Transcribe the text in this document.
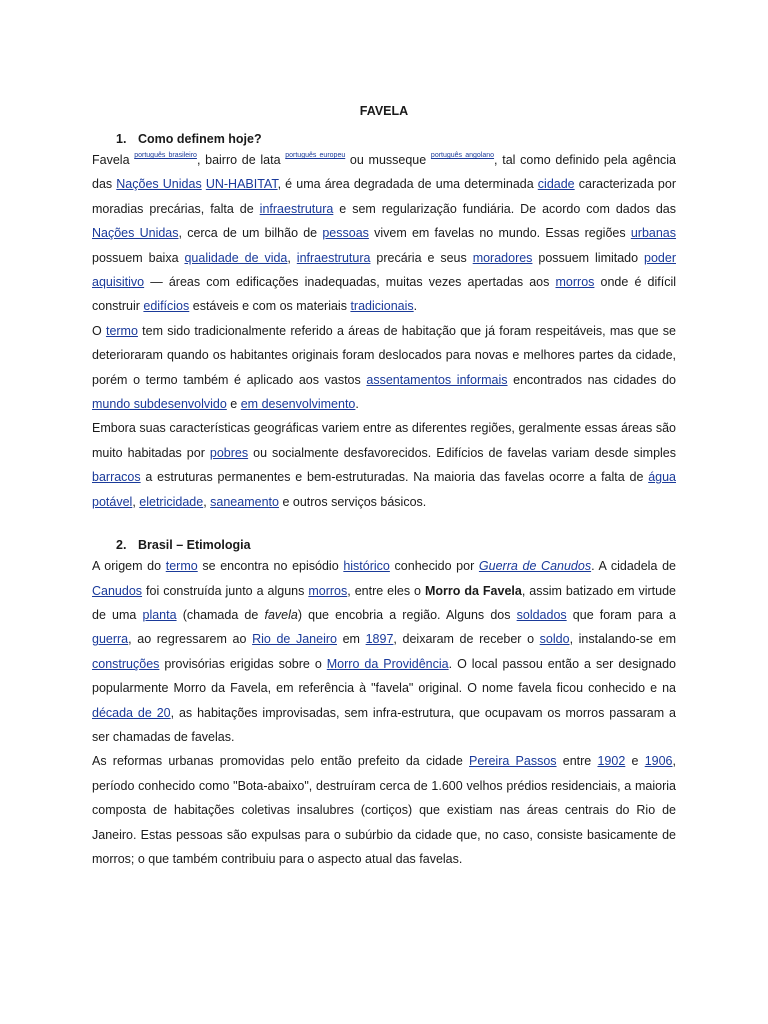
FAVELA
1. Como definem hoje?

Favela $^{português brasileiro}$, bairro de lata $^{português europeu}$ ou musseque $^{português angolano}$, tal como definido pela agência das Nações Unidas UN-HABITAT, é uma área degradada de uma determinada cidade caracterizada por moradias precárias, falta de infraestrutura e sem regularização fundiária. De acordo com dados das Nações Unidas, cerca de um bilhão de pessoas vivem em favelas no mundo. Essas regiões urbanas possuem baixa qualidade de vida, infraestrutura precária e seus moradores possuem limitado poder aquisitivo — áreas com edificações inadequadas, muitas vezes apertadas aos morros onde é difícil construir edifícios estáveis e com os materiais tradicionais.

O termo tem sido tradicionalmente referido a áreas de habitação que já foram respeitáveis, mas que se deterioraram quando os habitantes originais foram deslocados para novas e melhores partes da cidade, porém o termo também é aplicado aos vastos assentamentos informais encontrados nas cidades do mundo subdesenvolvido e em desenvolvimento.

Embora suas características geográficas variem entre as diferentes regiões, geralmente essas áreas são muito habitadas por pobres ou socialmente desfavorecidos. Edifícios de favelas variam desde simples barracos a estruturas permanentes e bem-estruturadas. Na maioria das favelas ocorre a falta de água potável, eletricidade, saneamento e outros serviços básicos.

2. Brasil – Etimologia

A origem do termo se encontra no episódio histórico conhecido por Guerra de Canudos. A cidadela de Canudos foi construída junto a alguns morros, entre eles o Morro da Favela, assim batizado em virtude de uma planta (chamada de favela) que encobria a região. Alguns dos soldados que foram para a guerra, ao regressarem ao Rio de Janeiro em 1897, deixaram de receber o soldo, instalando-se em construções provisórias erigidas sobre o Morro da Providência. O local passou então a ser designado popularmente Morro da Favela, em referência à "favela" original. O nome favela ficou conhecido e na década de 20, as habitações improvisadas, sem infra-estrutura, que ocupavam os morros passaram a ser chamadas de favelas.

As reformas urbanas promovidas pelo então prefeito da cidade Pereira Passos entre 1902 e 1906, período conhecido como "Bota-abaixo", destruíram cerca de 1.600 velhos prédios residenciais, a maioria composta de habitações coletivas insalubres (cortiços) que existiam nas áreas centrais do Rio de Janeiro. Estas pessoas são expulsas para o subúrbio da cidade que, no caso, consiste basicamente de morros; o que também contribuiu para o aspecto atual das favelas.
